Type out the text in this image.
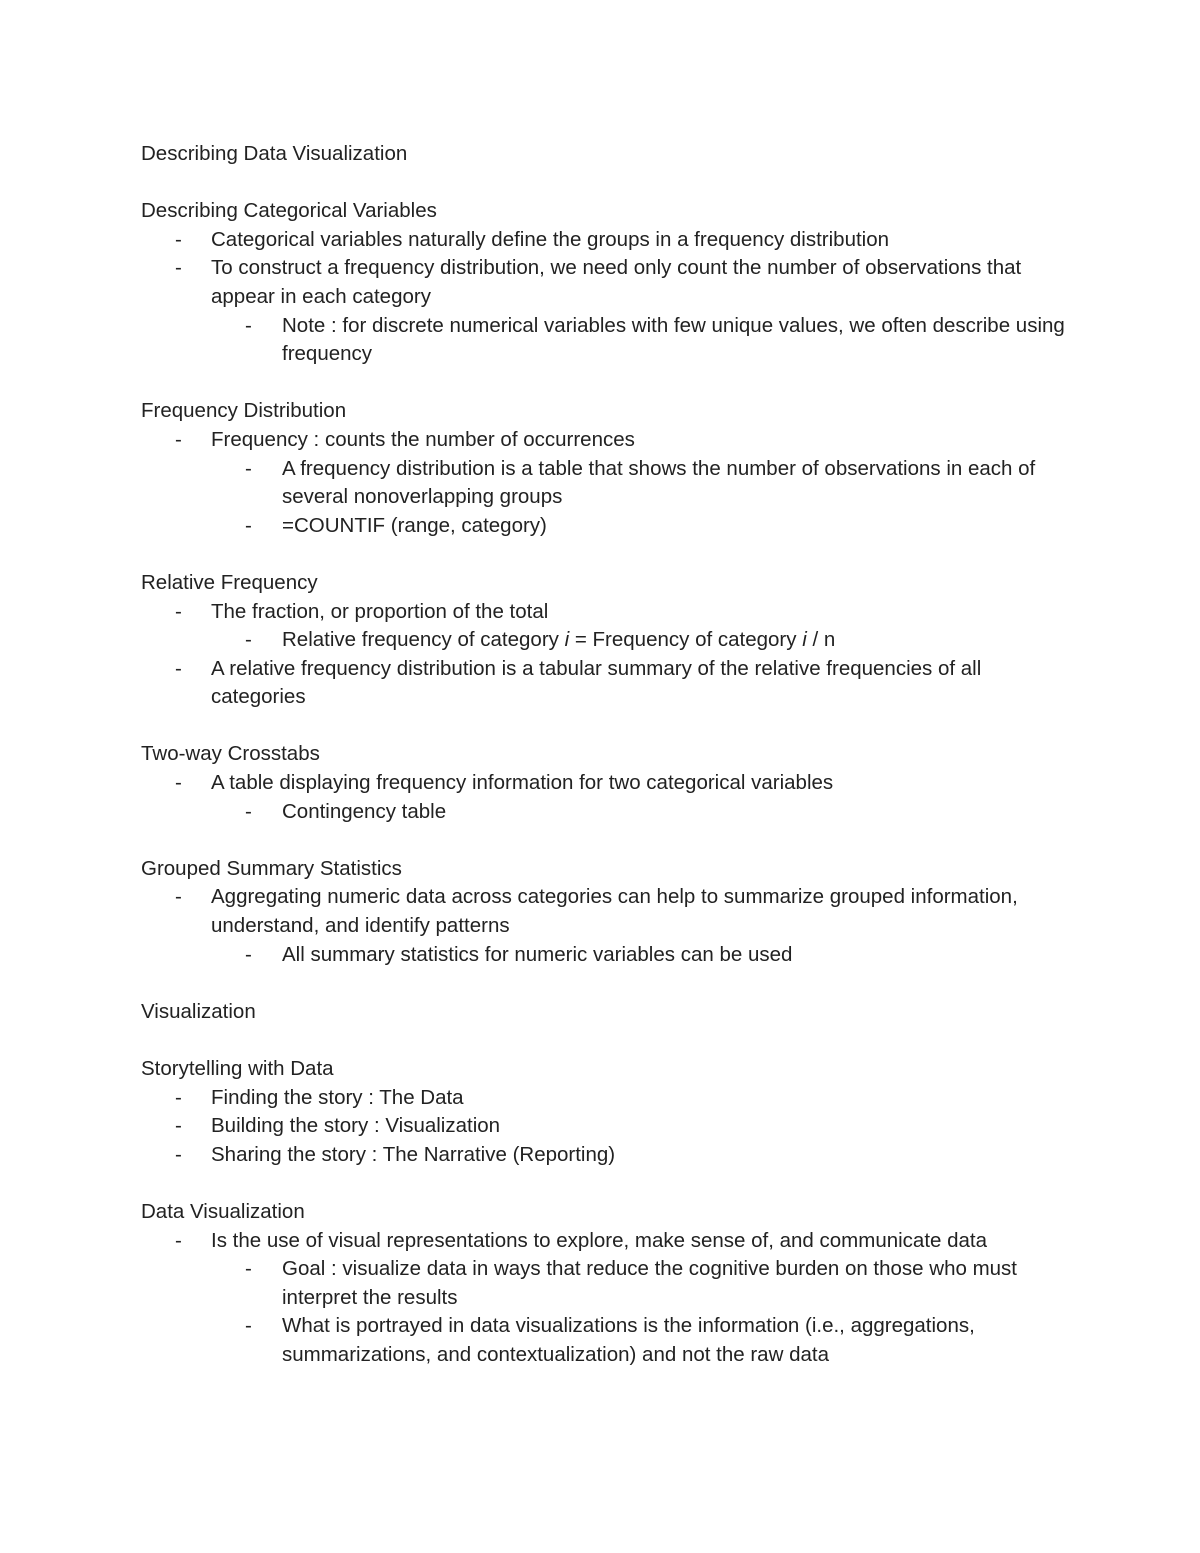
Describing Data Visualization

Describing Categorical Variables

- Categorical variables naturally define the groups in a frequency distribution

- To construct a frequency distribution, we need only count the number of observations that appear in each category

- Note : for discrete numerical variables with few unique values, we often describe using frequency

Frequency Distribution

- Frequency : counts the number of occurrences

- A frequency distribution is a table that shows the number of observations in each of several nonoverlapping groups

- =COUNTIF (range, category)

Relative Frequency

- The fraction, or proportion of the total

- Relative frequency of category i = Frequency of category i / n

- A relative frequency distribution is a tabular summary of the relative frequencies of all categories

Two-way Crosstabs

- A table displaying frequency information for two categorical variables

- Contingency table

Grouped Summary Statistics

- Aggregating numeric data across categories can help to summarize grouped information, understand, and identify patterns

- All summary statistics for numeric variables can be used

Visualization

Storytelling with Data

- Finding the story : The Data

- Building the story : Visualization

- Sharing the story : The Narrative (Reporting)

Data Visualization

- Is the use of visual representations to explore, make sense of, and communicate data

- Goal : visualize data in ways that reduce the cognitive burden on those who must interpret the results

- What is portrayed in data visualizations is the information (i.e., aggregations, summarizations, and contextualization) and not the raw data
